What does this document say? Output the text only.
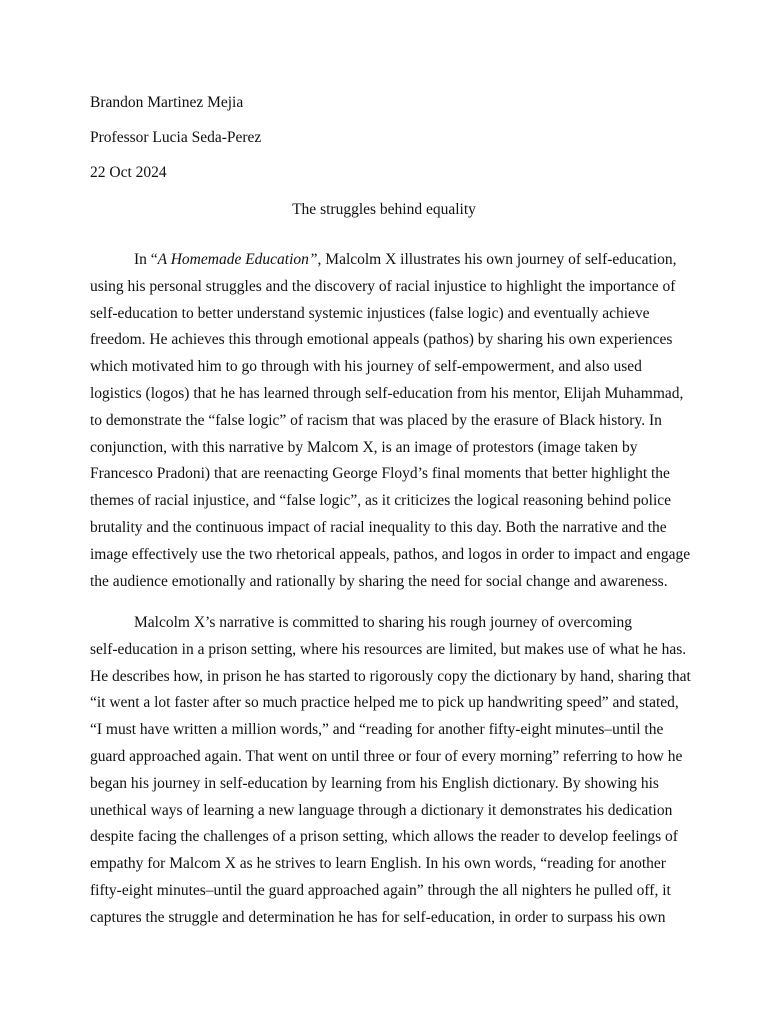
Brandon Martinez Mejia
Professor Lucia Seda-Perez
22 Oct 2024
The struggles behind equality
In “A Homemade Education”, Malcolm X illustrates his own journey of self-education,
using his personal struggles and the discovery of racial injustice to highlight the importance of
self-education to better understand systemic injustices (false logic) and eventually achieve
freedom. He achieves this through emotional appeals (pathos) by sharing his own experiences
which motivated him to go through with his journey of self-empowerment, and also used
logistics (logos) that he has learned through self-education from his mentor, Elijah Muhammad,
to demonstrate the “false logic” of racism that was placed by the erasure of Black history. In
conjunction, with this narrative by Malcom X, is an image of protestors (image taken by
Francesco Pradoni) that are reenacting George Floyd’s final moments that better highlight the
themes of racial injustice, and “false logic”, as it criticizes the logical reasoning behind police
brutality and the continuous impact of racial inequality to this day. Both the narrative and the
image effectively use the two rhetorical appeals, pathos, and logos in order to impact and engage
the audience emotionally and rationally by sharing the need for social change and awareness.
Malcolm X’s narrative is committed to sharing his rough journey of overcoming
self-education in a prison setting, where his resources are limited, but makes use of what he has.
He describes how, in prison he has started to rigorously copy the dictionary by hand, sharing that
“it went a lot faster after so much practice helped me to pick up handwriting speed” and stated,
“I must have written a million words,” and “reading for another fifty-eight minutes–until the
guard approached again. That went on until three or four of every morning” referring to how he
began his journey in self-education by learning from his English dictionary. By showing his
unethical ways of learning a new language through a dictionary it demonstrates his dedication
despite facing the challenges of a prison setting, which allows the reader to develop feelings of
empathy for Malcom X as he strives to learn English. In his own words, “reading for another
fifty-eight minutes–until the guard approached again” through the all nighters he pulled off, it
captures the struggle and determination he has for self-education, in order to surpass his own
